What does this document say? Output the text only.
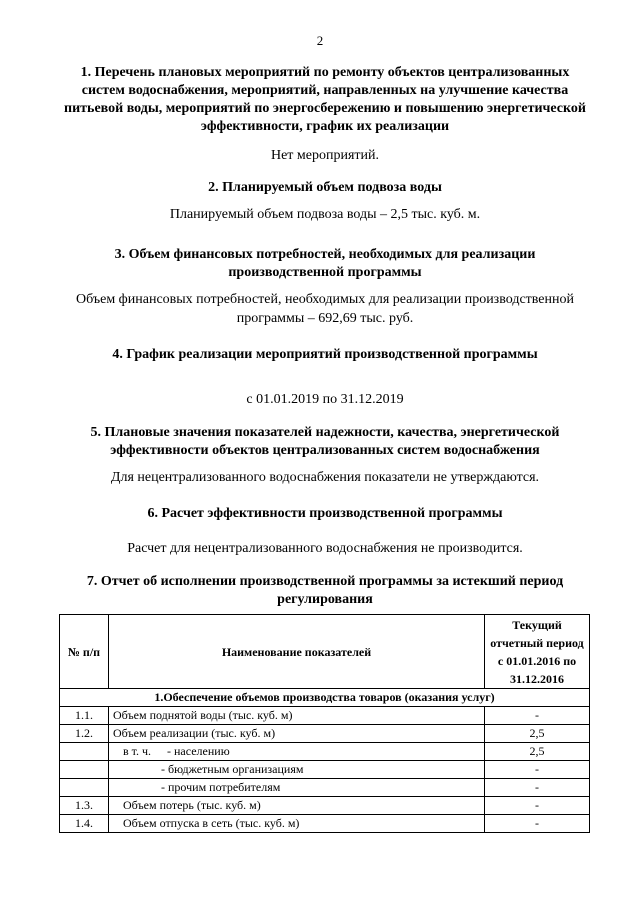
2
1. Перечень плановых мероприятий по ремонту объектов централизованных систем водоснабжения, мероприятий, направленных на улучшение качества питьевой воды, мероприятий по энергосбережению и повышению энергетической эффективности, график их реализации
Нет мероприятий.
2. Планируемый объем подвоза воды
Планируемый объем подвоза воды – 2,5 тыс. куб. м.
3. Объем финансовых потребностей, необходимых для реализации производственной программы
Объем финансовых потребностей, необходимых для реализации производственной программы – 692,69 тыс. руб.
4. График реализации мероприятий производственной программы
с 01.01.2019 по 31.12.2019
5. Плановые значения показателей надежности, качества, энергетической эффективности объектов централизованных систем водоснабжения
Для нецентрализованного водоснабжения показатели не утверждаются.
6. Расчет эффективности производственной программы
Расчет для нецентрализованного водоснабжения не производится.
7. Отчет об исполнении производственной программы за истекший период регулирования
№ п/п	Наименование показателей	Текущий отчетный период с 01.01.2016 по 31.12.2016
1.Обеспечение объемов производства товаров (оказания услуг)		
1.1.	Объем поднятой воды (тыс. куб. м)	-
1.2.	Объем реализации (тыс. куб. м)	2,5
	в т. ч. - населению	2,5
	- бюджетным организациям	-
	- прочим потребителям	-
1.3.	Объем потерь (тыс. куб. м)	-
1.4.	Объем отпуска в сеть (тыс. куб. м)	-
